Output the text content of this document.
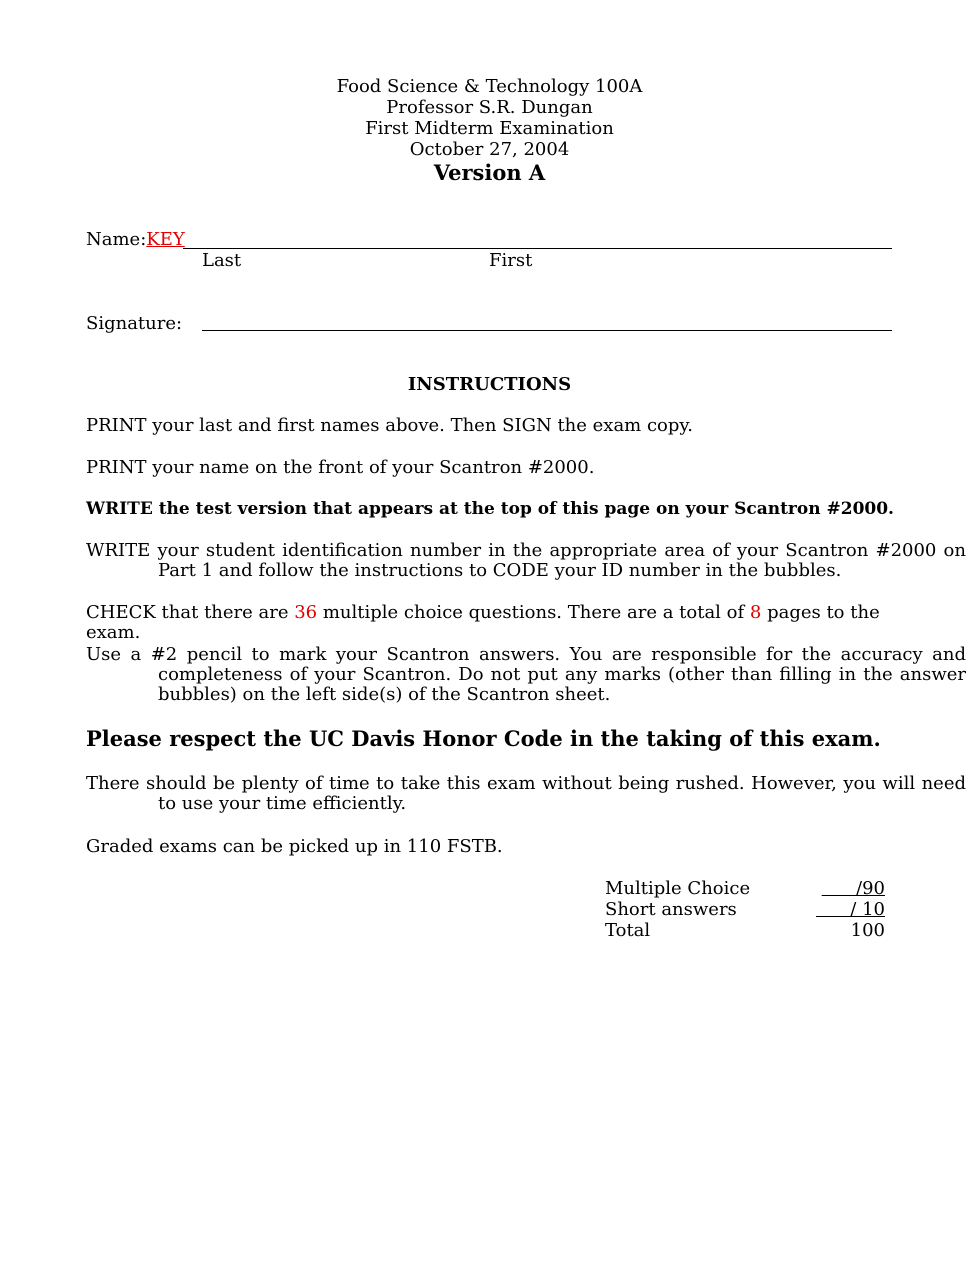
Food Science & Technology 100A
Professor S.R. Dungan
First Midterm Examination
October 27, 2004
Version A
Name:KEY
Last	First
Signature:
INSTRUCTIONS
PRINT your last and first names above. Then SIGN the exam copy.
PRINT your name on the front of your Scantron #2000.
WRITE the test version that appears at the top of this page on your Scantron #2000.
WRITE your student identification number in the appropriate area of your Scantron #2000 on Part 1 and follow the instructions to CODE your ID number in the bubbles.
CHECK that there are 36 multiple choice questions. There are a total of 8 pages to the exam.
Use a #2 pencil to mark your Scantron answers. You are responsible for the accuracy and completeness of your Scantron. Do not put any marks (other than filling in the answer bubbles) on the left side(s) of the Scantron sheet.
Please respect the UC Davis Honor Code in the taking of this exam.
There should be plenty of time to take this exam without being rushed. However, you will need to use your time efficiently.
Graded exams can be picked up in 110 FSTB.
Multiple Choice	/90
Short answers	/ 10
Total	100
